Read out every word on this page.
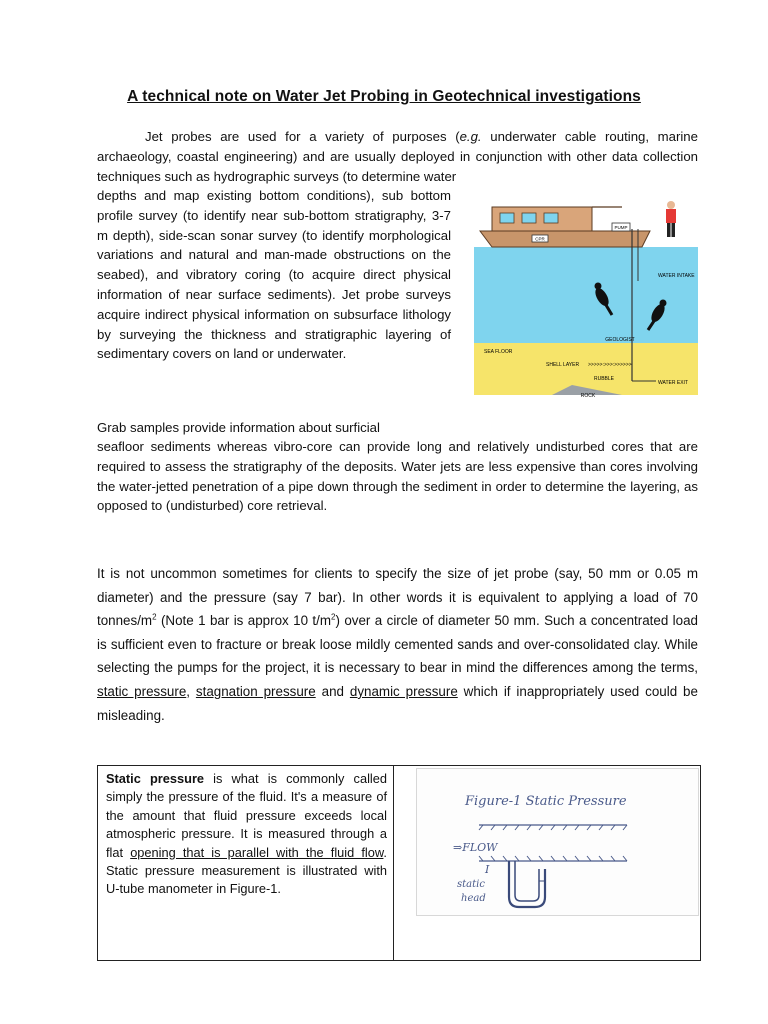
A technical note on Water Jet Probing in Geotechnical investigations

Jet probes are used for a variety of purposes (e.g. underwater cable routing, marine archaeology, coastal engineering) and are usually deployed in conjunction with other data collection techniques such as hydrographic surveys (to determine water

depths and map existing bottom conditions), sub bottom profile survey (to identify near sub-bottom stratigraphy, 3-7 m depth), side-scan sonar survey (to identify morphological variations and natural and man-made obstructions on the seabed), and vibratory coring (to acquire direct physical information of near surface sediments). Jet probe surveys acquire indirect physical information on subsurface lithology by surveying the thickness and stratigraphic layering of sedimentary covers on land or underwater.

PUMP
CPR
WATER INTAKE
GEOLOGIST
SEA FLOOR
SHELL LAYER >>>>>:>>>:>>>>>>
RUBBLE
WATER EXIT
ROCK

Grab samples provide information about surficial

seafloor sediments whereas vibro-core can provide long and relatively undisturbed cores that are required to assess the stratigraphy of the deposits. Water jets are less expensive than cores involving the water-jetted penetration of a pipe down through the sediment in order to determine the layering, as opposed to (undisturbed) core retrieval.

It is not uncommon sometimes for clients to specify the size of jet probe (say, 50 mm or 0.05 m diameter) and the pressure (say 7 bar). In other words it is equivalent to applying a load of 70 tonnes/$m^2$ (Note 1 bar is approx 10 $t/m^2$) over a circle of diameter 50 mm. Such a concentrated load is sufficient even to fracture or break loose mildly cemented sands and over-consolidated clay. While selecting the pumps for the project, it is necessary to bear in mind the differences among the terms, static pressure, stagnation pressure and dynamic pressure which if inappropriately used could be misleading.

Static pressure is what is commonly called simply the pressure of the fluid. It's a measure of the amount that fluid pressure exceeds local atmospheric pressure. It is measured through a flat opening that is parallel with the fluid flow. Static pressure measurement is illustrated with U-tube manometer in Figure-1.

Figure-1 Static Pressure
⇒FLOW
I
static
head
